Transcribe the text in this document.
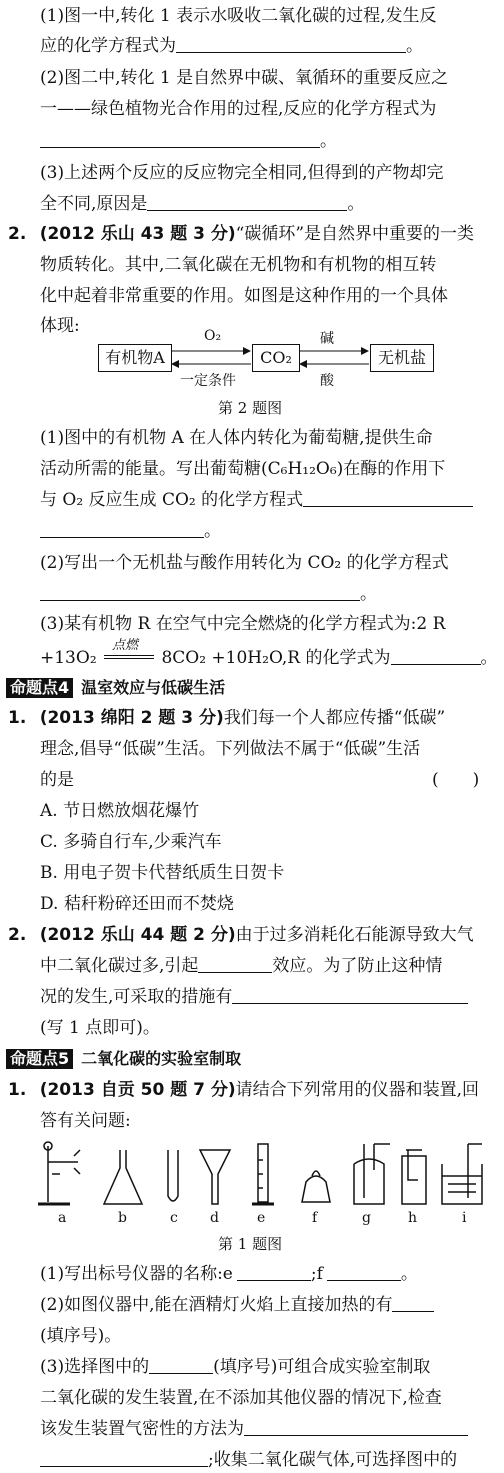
(1)图一中,转化 1 表示水吸收二氧化碳的过程,发生反
应的化学方程式为	。
(2)图二中,转化 1 是自然界中碳、氧循环的重要反应之
一——绿色植物光合作用的过程,反应的化学方程式为
。
(3)上述两个反应的反应物完全相同,但得到的产物却完
全不同,原因是	。
2. (2012 乐山 43 题 3 分)“碳循环”是自然界中重要的一类
物质转化。其中,二氧化碳在无机物和有机物的相互转
化中起着非常重要的作用。如图是这种作用的一个具体
体现:
有机物A	CO₂	无机盐
O₂
一定条件
碱
酸
第 2 题图
(1)图中的有机物 A 在人体内转化为葡萄糖,提供生命
活动所需的能量。写出葡萄糖(C₆H₁₂O₆)在酶的作用下
与 O₂ 反应生成 CO₂ 的化学方程式
。
(2)写出一个无机盐与酸作用转化为 CO₂ 的化学方程式
。
(3)某有机物 R 在空气中完全燃烧的化学方程式为:2 R
+13O₂
点燃
8CO₂ +10H₂O,R 的化学式为	。
命题点4 温室效应与低碳生活
1. (2013 绵阳 2 题 3 分)我们每一个人都应传播“低碳”
理念,倡导“低碳”生活。下列做法不属于“低碳”生活
的是	(　　)
A. 节日燃放烟花爆竹
C. 多骑自行车,少乘汽车
B. 用电子贺卡代替纸质生日贺卡
D. 秸秆粉碎还田而不焚烧
2. (2012 乐山 44 题 2 分)由于过多消耗化石能源导致大气
中二氧化碳过多,引起	效应。为了防止这种情
况的发生,可采取的措施有
(写 1 点即可)。
命题点5 二氧化碳的实验室制取
1. (2013 自贡 50 题 7 分)请结合下列常用的仪器和装置,回
答有关问题:
a	b	c d	e	f	g	h	i
第 1 题图
(1)写出标号仪器的名称:e	;f	。
(2)如图仪器中,能在酒精灯火焰上直接加热的有
(填序号)。
(3)选择图中的	(填序号)可组合成实验室制取
二氧化碳的发生装置,在不添加其他仪器的情况下,检查
该发生装置气密性的方法为
;收集二氧化碳气体,可选择图中的
